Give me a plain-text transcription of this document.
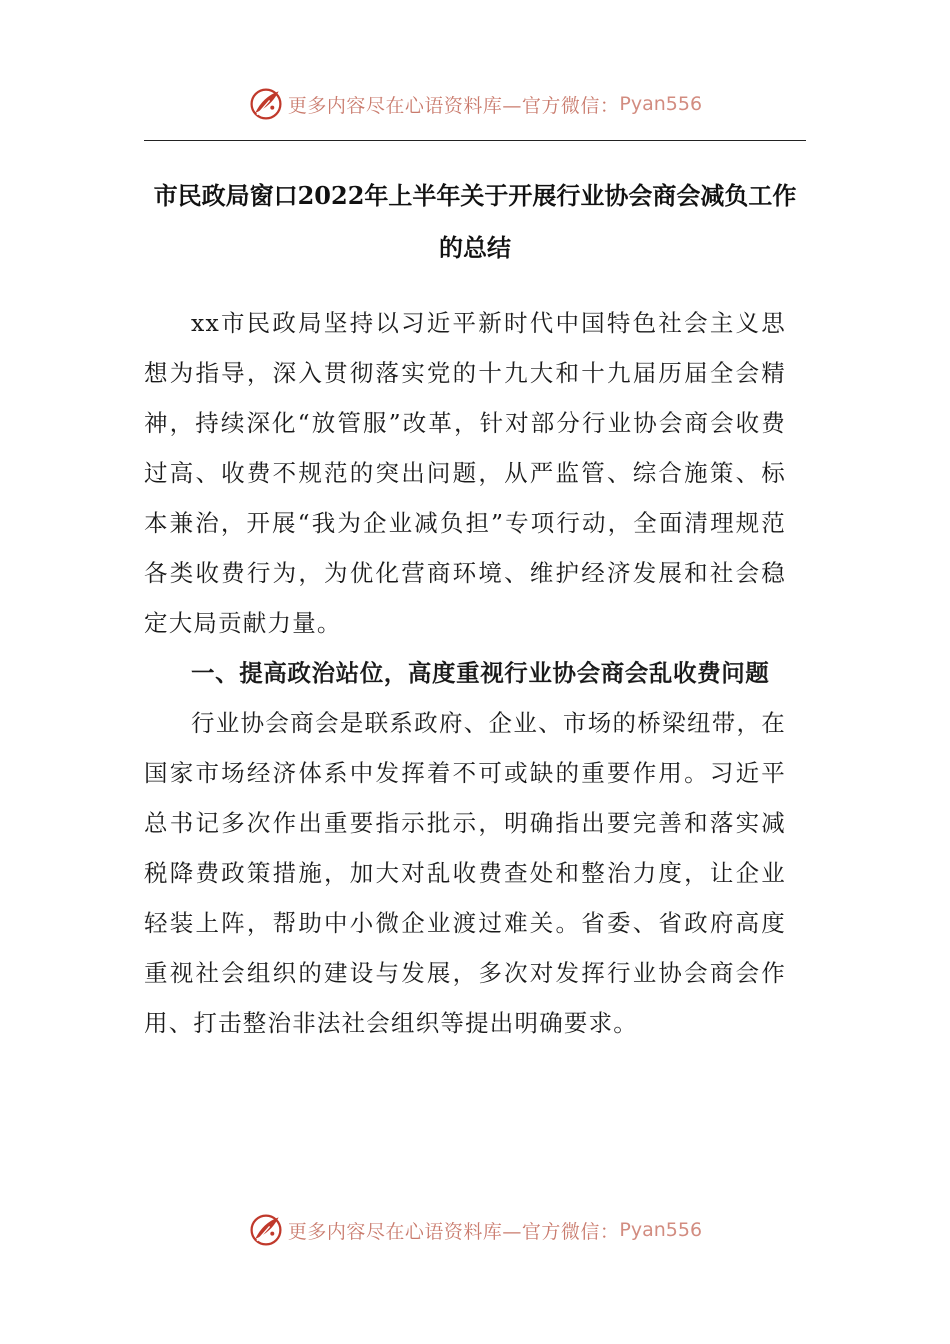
更多内容尽在心语资料库—官方微信： Pyan556
市民政局窗口2022年上半年关于开展行业协会商会减负工作的总结

xx市民政局坚持以习近平新时代中国特色社会主义思想为指导，深入贯彻落实党的十九大和十九届历届全会精神，持续深化“放管服”改革，针对部分行业协会商会收费过高、收费不规范的突出问题，从严监管、综合施策、标本兼治，开展“我为企业减负担”专项行动，全面清理规范各类收费行为，为优化营商环境、维护经济发展和社会稳定大局贡献力量。

一、提高政治站位，高度重视行业协会商会乱收费问题

行业协会商会是联系政府、企业、市场的桥梁纽带，在国家市场经济体系中发挥着不可或缺的重要作用。习近平总书记多次作出重要指示批示，明确指出要完善和落实减税降费政策措施，加大对乱收费查处和整治力度，让企业轻装上阵，帮助中小微企业渡过难关。省委、省政府高度重视社会组织的建设与发展，多次对发挥行业协会商会作用、打击整治非法社会组织等提出明确要求。

更多内容尽在心语资料库—官方微信： Pyan556
